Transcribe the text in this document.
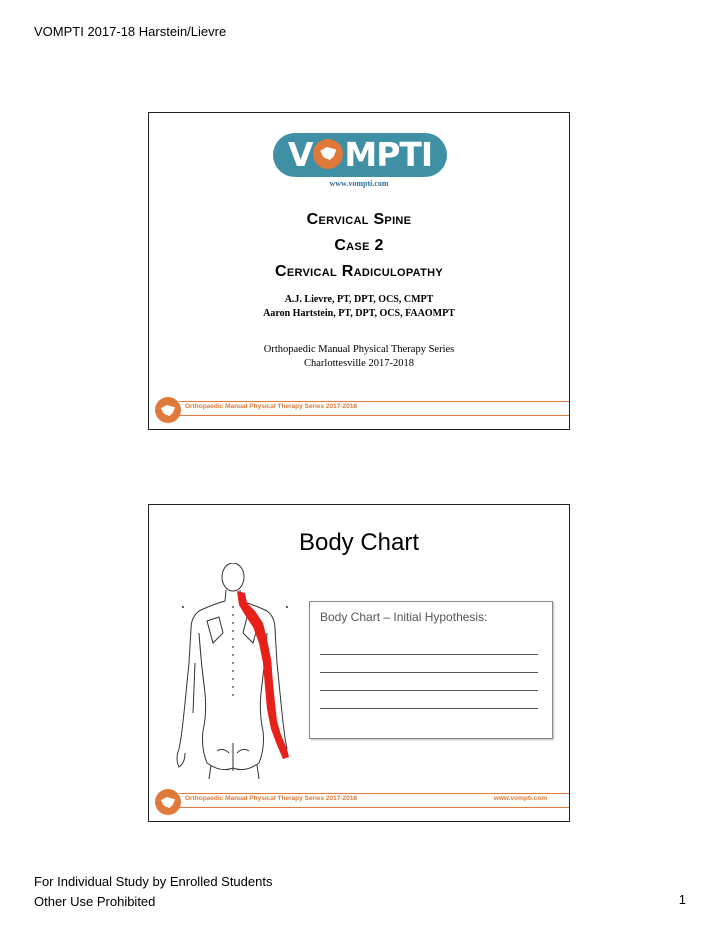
VOMPTI 2017-18 Harstein/Lievre
V MPTI
www.vompti.com
Cervical Spine
Case 2
Cervical Radiculopathy
A.J. Lievre, PT, DPT, OCS, CMPT
Aaron Hartstein, PT, DPT, OCS, FAAOMPT
Orthopaedic Manual Physical Therapy Series
Charlottesville 2017-2018
Orthopaedic Manual Physical Therapy Series 2017-2018
Body Chart
Body Chart – Initial Hypothesis:
Orthopaedic Manual Physical Therapy Series 2017-2018	www.vompti.com
For Individual Study by Enrolled Students
Other Use Prohibited	1
